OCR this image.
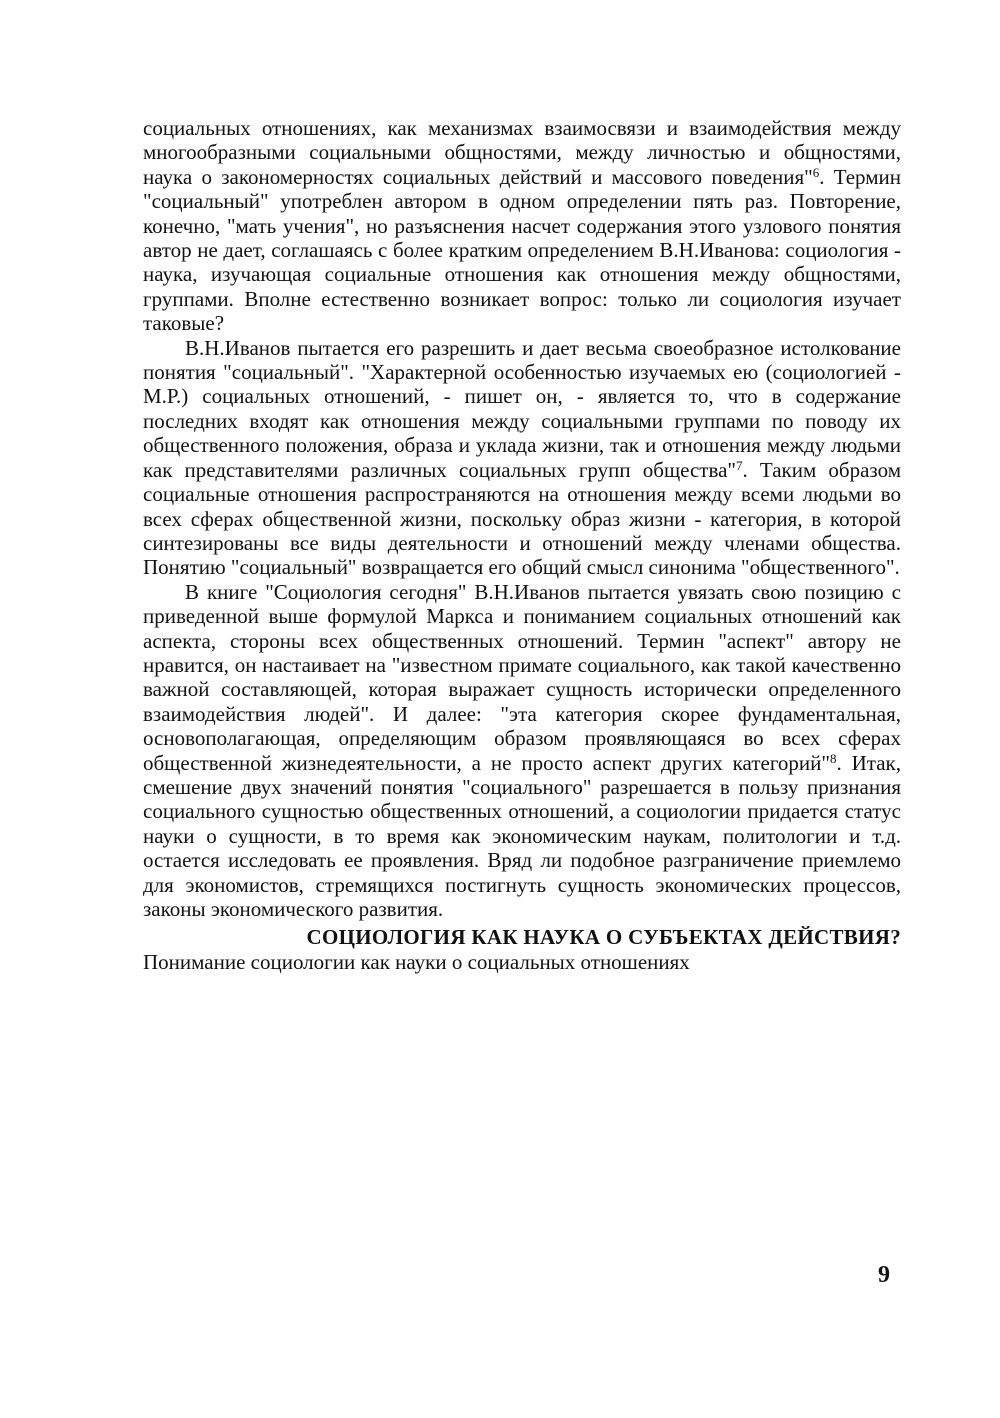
социальных отношениях, как механизмах взаимосвязи и взаимодействия между многообразными социальными общностями, между личностью и общностями, наука о закономерностях социальных действий и массового поведения"$^6$. Термин "социальный" употреблен автором в одном определении пять раз. Повторение, конечно, "мать учения", но разъяснения насчет содержания этого узлового понятия автор не дает, соглашаясь с более кратким определением В.Н.Иванова: социология - наука, изучающая социальные отношения как отношения между общностями, группами. Вполне естественно возникает вопрос: только ли социология изучает таковые?

В.Н.Иванов пытается его разрешить и дает весьма своеобразное истолкование понятия "социальный". "Характерной особенностью изучаемых ею (социологией - М.Р.) социальных отношений, - пишет он, - является то, что в содержание последних входят как отношения между социальными группами по поводу их общественного положения, образа и уклада жизни, так и отношения между людьми как представителями различных социальных групп общества"$^7$. Таким образом социальные отношения распространяются на отношения между всеми людьми во всех сферах общественной жизни, поскольку образ жизни - категория, в которой синтезированы все виды деятельности и отношений между членами общества. Понятию "социальный" возвращается его общий смысл синонима "общественного".

В книге "Социология сегодня" В.Н.Иванов пытается увязать свою позицию с приведенной выше формулой Маркса и пониманием социальных отношений как аспекта, стороны всех общественных отношений. Термин "аспект" автору не нравится, он настаивает на "известном примате социального, как такой качественно важной составляющей, которая выражает сущность исторически определенного взаимодействия людей". И далее: "эта категория скорее фундаментальная, основополагающая, определяющим образом проявляющаяся во всех сферах общественной жизнедеятельности, а не просто аспект других категорий"$^8$. Итак, смешение двух значений понятия "социального" разрешается в пользу признания социального сущностью общественных отношений, а социологии придается статус науки о сущности, в то время как экономическим наукам, политологии и т.д. остается исследовать ее проявления. Вряд ли подобное разграничение приемлемо для экономистов, стремящихся постигнуть сущность экономических процессов, законы экономического развития.

СОЦИОЛОГИЯ КАК НАУКА О СУБЪЕКТАХ ДЕЙСТВИЯ?

Понимание социологии как науки о социальных отношениях

9
